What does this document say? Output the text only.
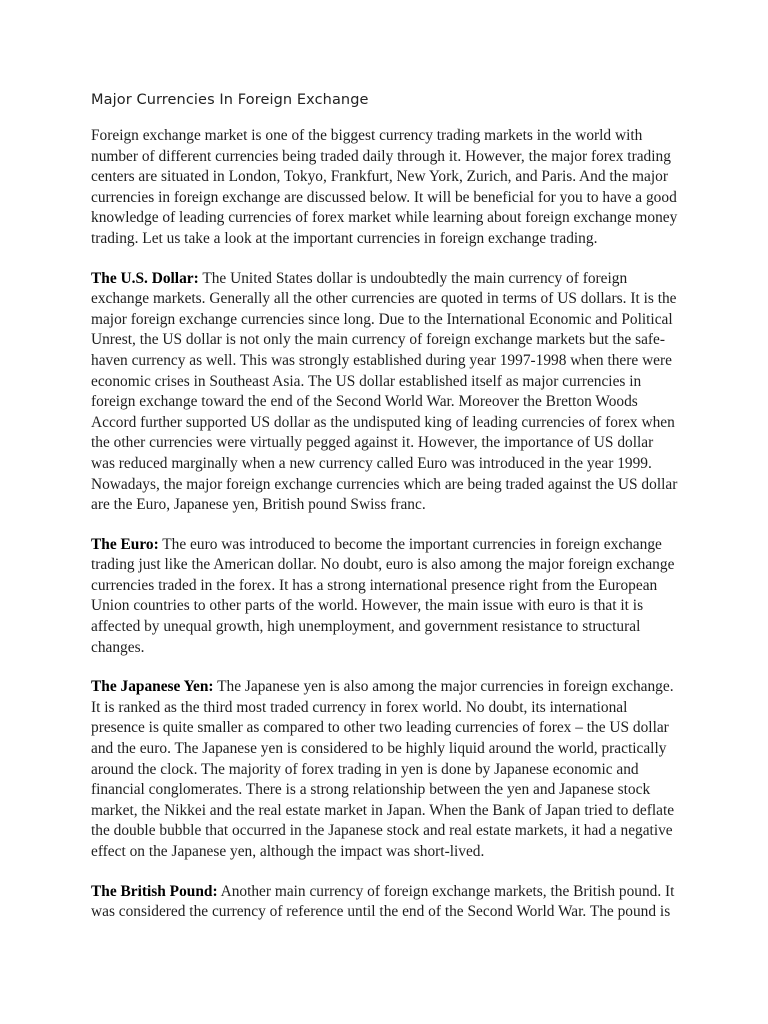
Major Currencies In Foreign Exchange

Foreign exchange market is one of the biggest currency trading markets in the world with number of different currencies being traded daily through it. However, the major forex trading centers are situated in London, Tokyo, Frankfurt, New York, Zurich, and Paris. And the major currencies in foreign exchange are discussed below. It will be beneficial for you to have a good knowledge of leading currencies of forex market while learning about foreign exchange money trading. Let us take a look at the important currencies in foreign exchange trading.

The U.S. Dollar: The United States dollar is undoubtedly the main currency of foreign exchange markets. Generally all the other currencies are quoted in terms of US dollars. It is the major foreign exchange currencies since long. Due to the International Economic and Political Unrest, the US dollar is not only the main currency of foreign exchange markets but the safe-haven currency as well. This was strongly established during year 1997-1998 when there were economic crises in Southeast Asia. The US dollar established itself as major currencies in foreign exchange toward the end of the Second World War. Moreover the Bretton Woods Accord further supported US dollar as the undisputed king of leading currencies of forex when the other currencies were virtually pegged against it. However, the importance of US dollar was reduced marginally when a new currency called Euro was introduced in the year 1999. Nowadays, the major foreign exchange currencies which are being traded against the US dollar are the Euro, Japanese yen, British pound Swiss franc.

The Euro: The euro was introduced to become the important currencies in foreign exchange trading just like the American dollar. No doubt, euro is also among the major foreign exchange currencies traded in the forex. It has a strong international presence right from the European Union countries to other parts of the world. However, the main issue with euro is that it is affected by unequal growth, high unemployment, and government resistance to structural changes.

The Japanese Yen: The Japanese yen is also among the major currencies in foreign exchange. It is ranked as the third most traded currency in forex world. No doubt, its international presence is quite smaller as compared to other two leading currencies of forex – the US dollar and the euro. The Japanese yen is considered to be highly liquid around the world, practically around the clock. The majority of forex trading in yen is done by Japanese economic and financial conglomerates. There is a strong relationship between the yen and Japanese stock market, the Nikkei and the real estate market in Japan. When the Bank of Japan tried to deflate the double bubble that occurred in the Japanese stock and real estate markets, it had a negative effect on the Japanese yen, although the impact was short-lived.

The British Pound: Another main currency of foreign exchange markets, the British pound. It was considered the currency of reference until the end of the Second World War. The pound is
